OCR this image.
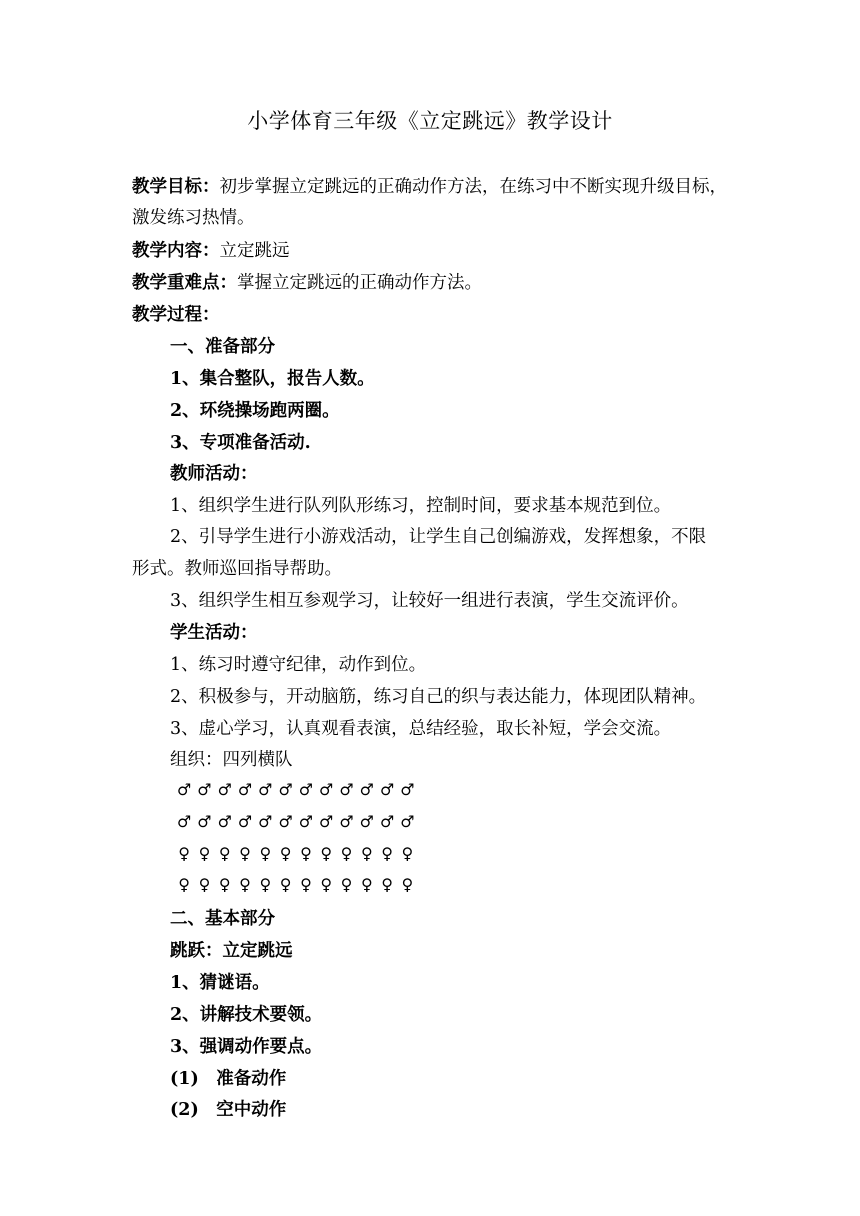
小学体育三年级《立定跳远》教学设计
教学目标：初步掌握立定跳远的正确动作方法，在练习中不断实现升级目标，
激发练习热情。
教学内容：立定跳远
教学重难点：掌握立定跳远的正确动作方法。
教学过程：
一、准备部分
1、集合整队，报告人数。
2、环绕操场跑两圈。
3、专项准备活动.
教师活动：
1、组织学生进行队列队形练习，控制时间，要求基本规范到位。
2、引导学生进行小游戏活动，让学生自己创编游戏，发挥想象，不限
形式。教师巡回指导帮助。
3、组织学生相互参观学习，让较好一组进行表演，学生交流评价。
学生活动：
1、练习时遵守纪律，动作到位。
2、积极参与，开动脑筋，练习自己的织与表达能力，体现团队精神。
3、虚心学习，认真观看表演，总结经验，取长补短，学会交流。
组织：四列横队
♂ ♂ ♂ ♂ ♂ ♂ ♂ ♂ ♂ ♂ ♂ ♂
♂ ♂ ♂ ♂ ♂ ♂ ♂ ♂ ♂ ♂ ♂ ♂
♀ ♀ ♀ ♀ ♀ ♀ ♀ ♀ ♀ ♀ ♀ ♀
♀ ♀ ♀ ♀ ♀ ♀ ♀ ♀ ♀ ♀ ♀ ♀
二、基本部分
跳跃：立定跳远
1、猜谜语。
2、讲解技术要领。
3、强调动作要点。
(1)　准备动作
(2)　空中动作
